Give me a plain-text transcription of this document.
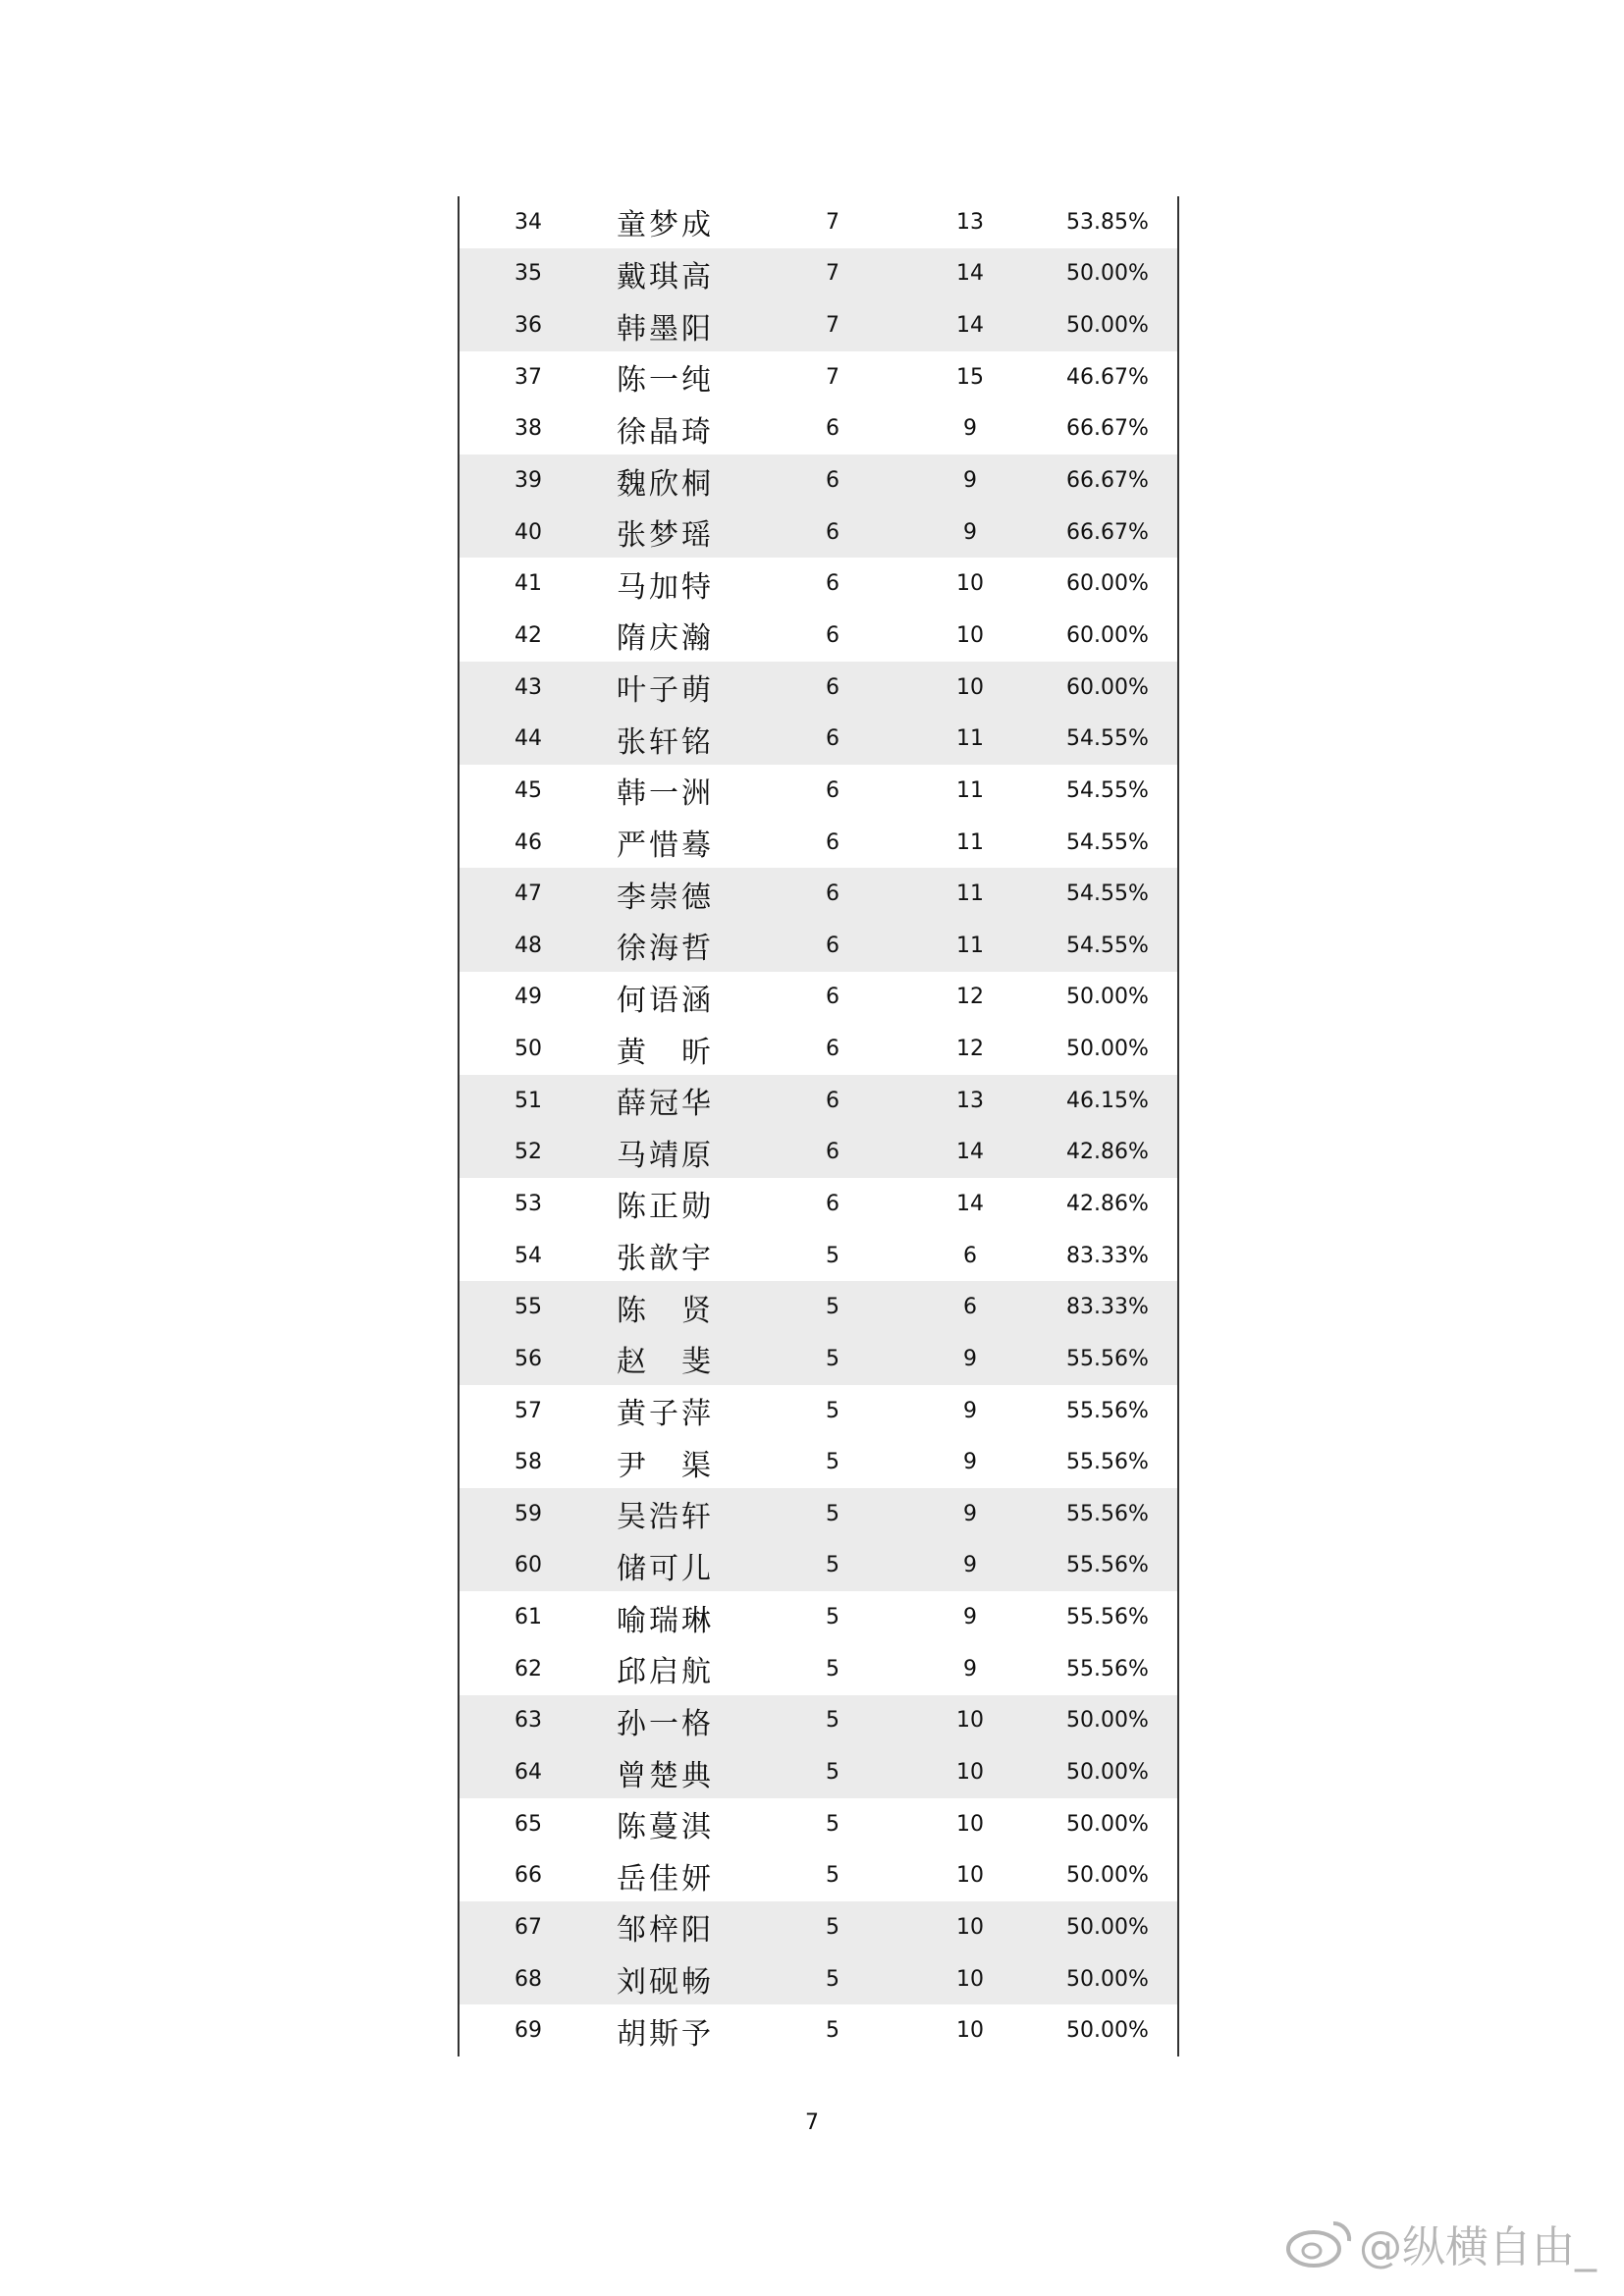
34	童梦成	7	13	53.85%
35	戴琪高	7	14	50.00%
36	韩墨阳	7	14	50.00%
37	陈一纯	7	15	46.67%
38	徐晶琦	6	9	66.67%
39	魏欣桐	6	9	66.67%
40	张梦瑶	6	9	66.67%
41	马加特	6	10	60.00%
42	隋庆瀚	6	10	60.00%
43	叶子萌	6	10	60.00%
44	张轩铭	6	11	54.55%
45	韩一洲	6	11	54.55%
46	严惜蓦	6	11	54.55%
47	李崇德	6	11	54.55%
48	徐海哲	6	11	54.55%
49	何语涵	6	12	50.00%
50	黄昕	6	12	50.00%
51	薛冠华	6	13	46.15%
52	马靖原	6	14	42.86%
53	陈正勋	6	14	42.86%
54	张歆宇	5	6	83.33%
55	陈贤	5	6	83.33%
56	赵斐	5	9	55.56%
57	黄子萍	5	9	55.56%
58	尹渠	5	9	55.56%
59	吴浩轩	5	9	55.56%
60	储可儿	5	9	55.56%
61	喻瑞琳	5	9	55.56%
62	邱启航	5	9	55.56%
63	孙一格	5	10	50.00%
64	曾楚典	5	10	50.00%
65	陈蔓淇	5	10	50.00%
66	岳佳妍	5	10	50.00%
67	邹梓阳	5	10	50.00%
68	刘砚畅	5	10	50.00%
69	胡斯予	5	10	50.00%
7
@纵横自由_
